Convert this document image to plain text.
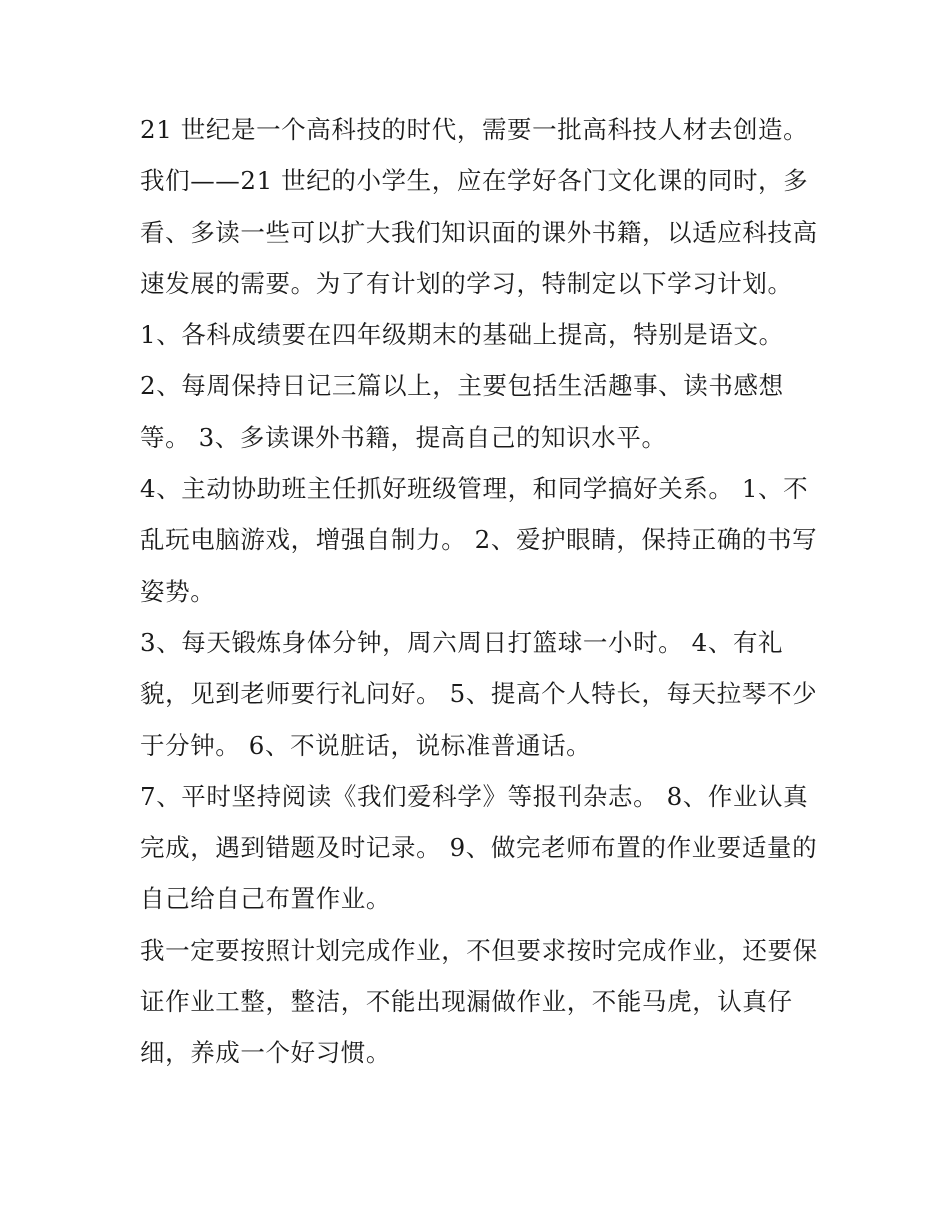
21 世纪是一个高科技的时代，需要一批高科技人材去创造。
我们——21 世纪的小学生，应在学好各门文化课的同时，多
看、多读一些可以扩大我们知识面的课外书籍，以适应科技高
速发展的需要。为了有计划的学习，特制定以下学习计划。
1、各科成绩要在四年级期末的基础上提高，特别是语文。
2、每周保持日记三篇以上，主要包括生活趣事、读书感想
等。 3、多读课外书籍，提高自己的知识水平。
4、主动协助班主任抓好班级管理，和同学搞好关系。 1、不
乱玩电脑游戏，增强自制力。 2、爱护眼睛，保持正确的书写
姿势。
3、每天锻炼身体分钟，周六周日打篮球一小时。 4、有礼
貌，见到老师要行礼问好。 5、提高个人特长，每天拉琴不少
于分钟。 6、不说脏话，说标准普通话。
7、平时坚持阅读《我们爱科学》等报刊杂志。 8、作业认真
完成，遇到错题及时记录。 9、做完老师布置的作业要适量的
自己给自己布置作业。
我一定要按照计划完成作业，不但要求按时完成作业，还要保
证作业工整，整洁，不能出现漏做作业，不能马虎，认真仔
细，养成一个好习惯。
